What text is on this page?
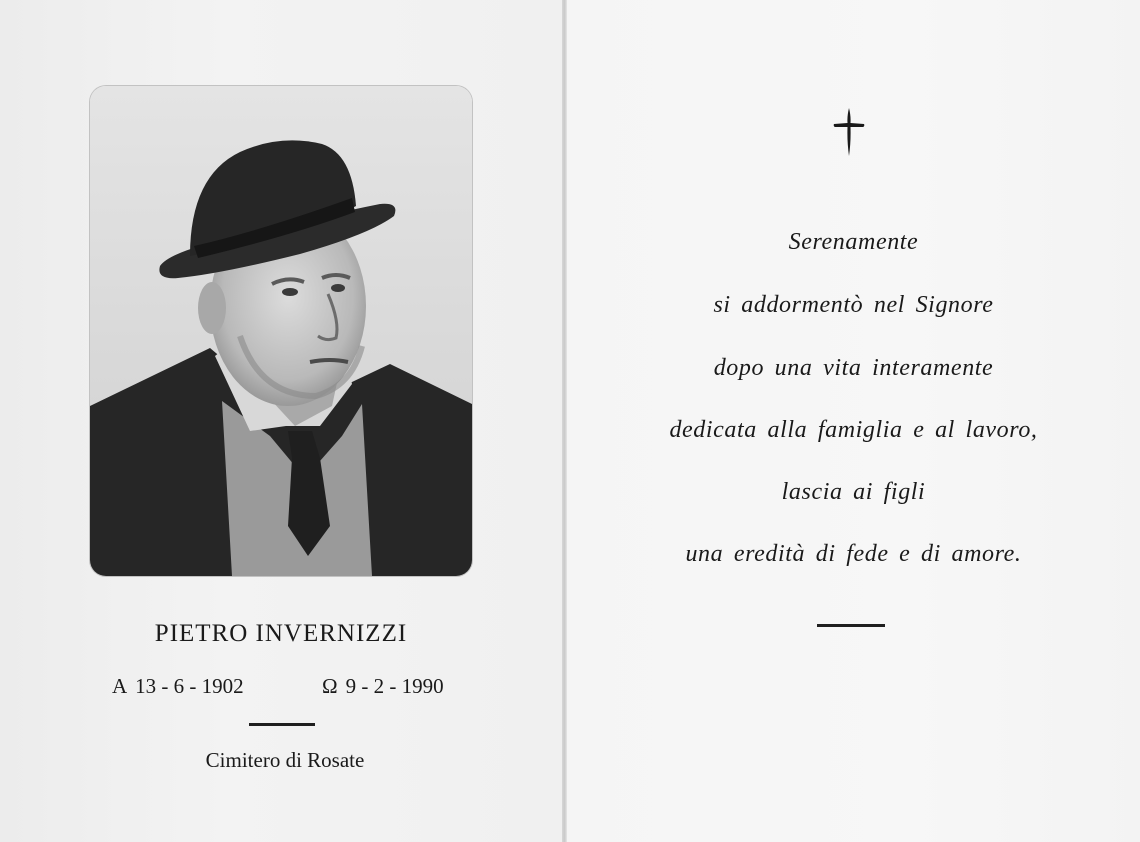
PIETRO INVERNIZZI
A 13 - 6 - 1902	Ω 9 - 2 - 1990
Cimitero di Rosate
Serenamente
si addormentò nel Signore
dopo una vita interamente
dedicata alla famiglia e al lavoro,
lascia ai figli
una eredità di fede e di amore.
